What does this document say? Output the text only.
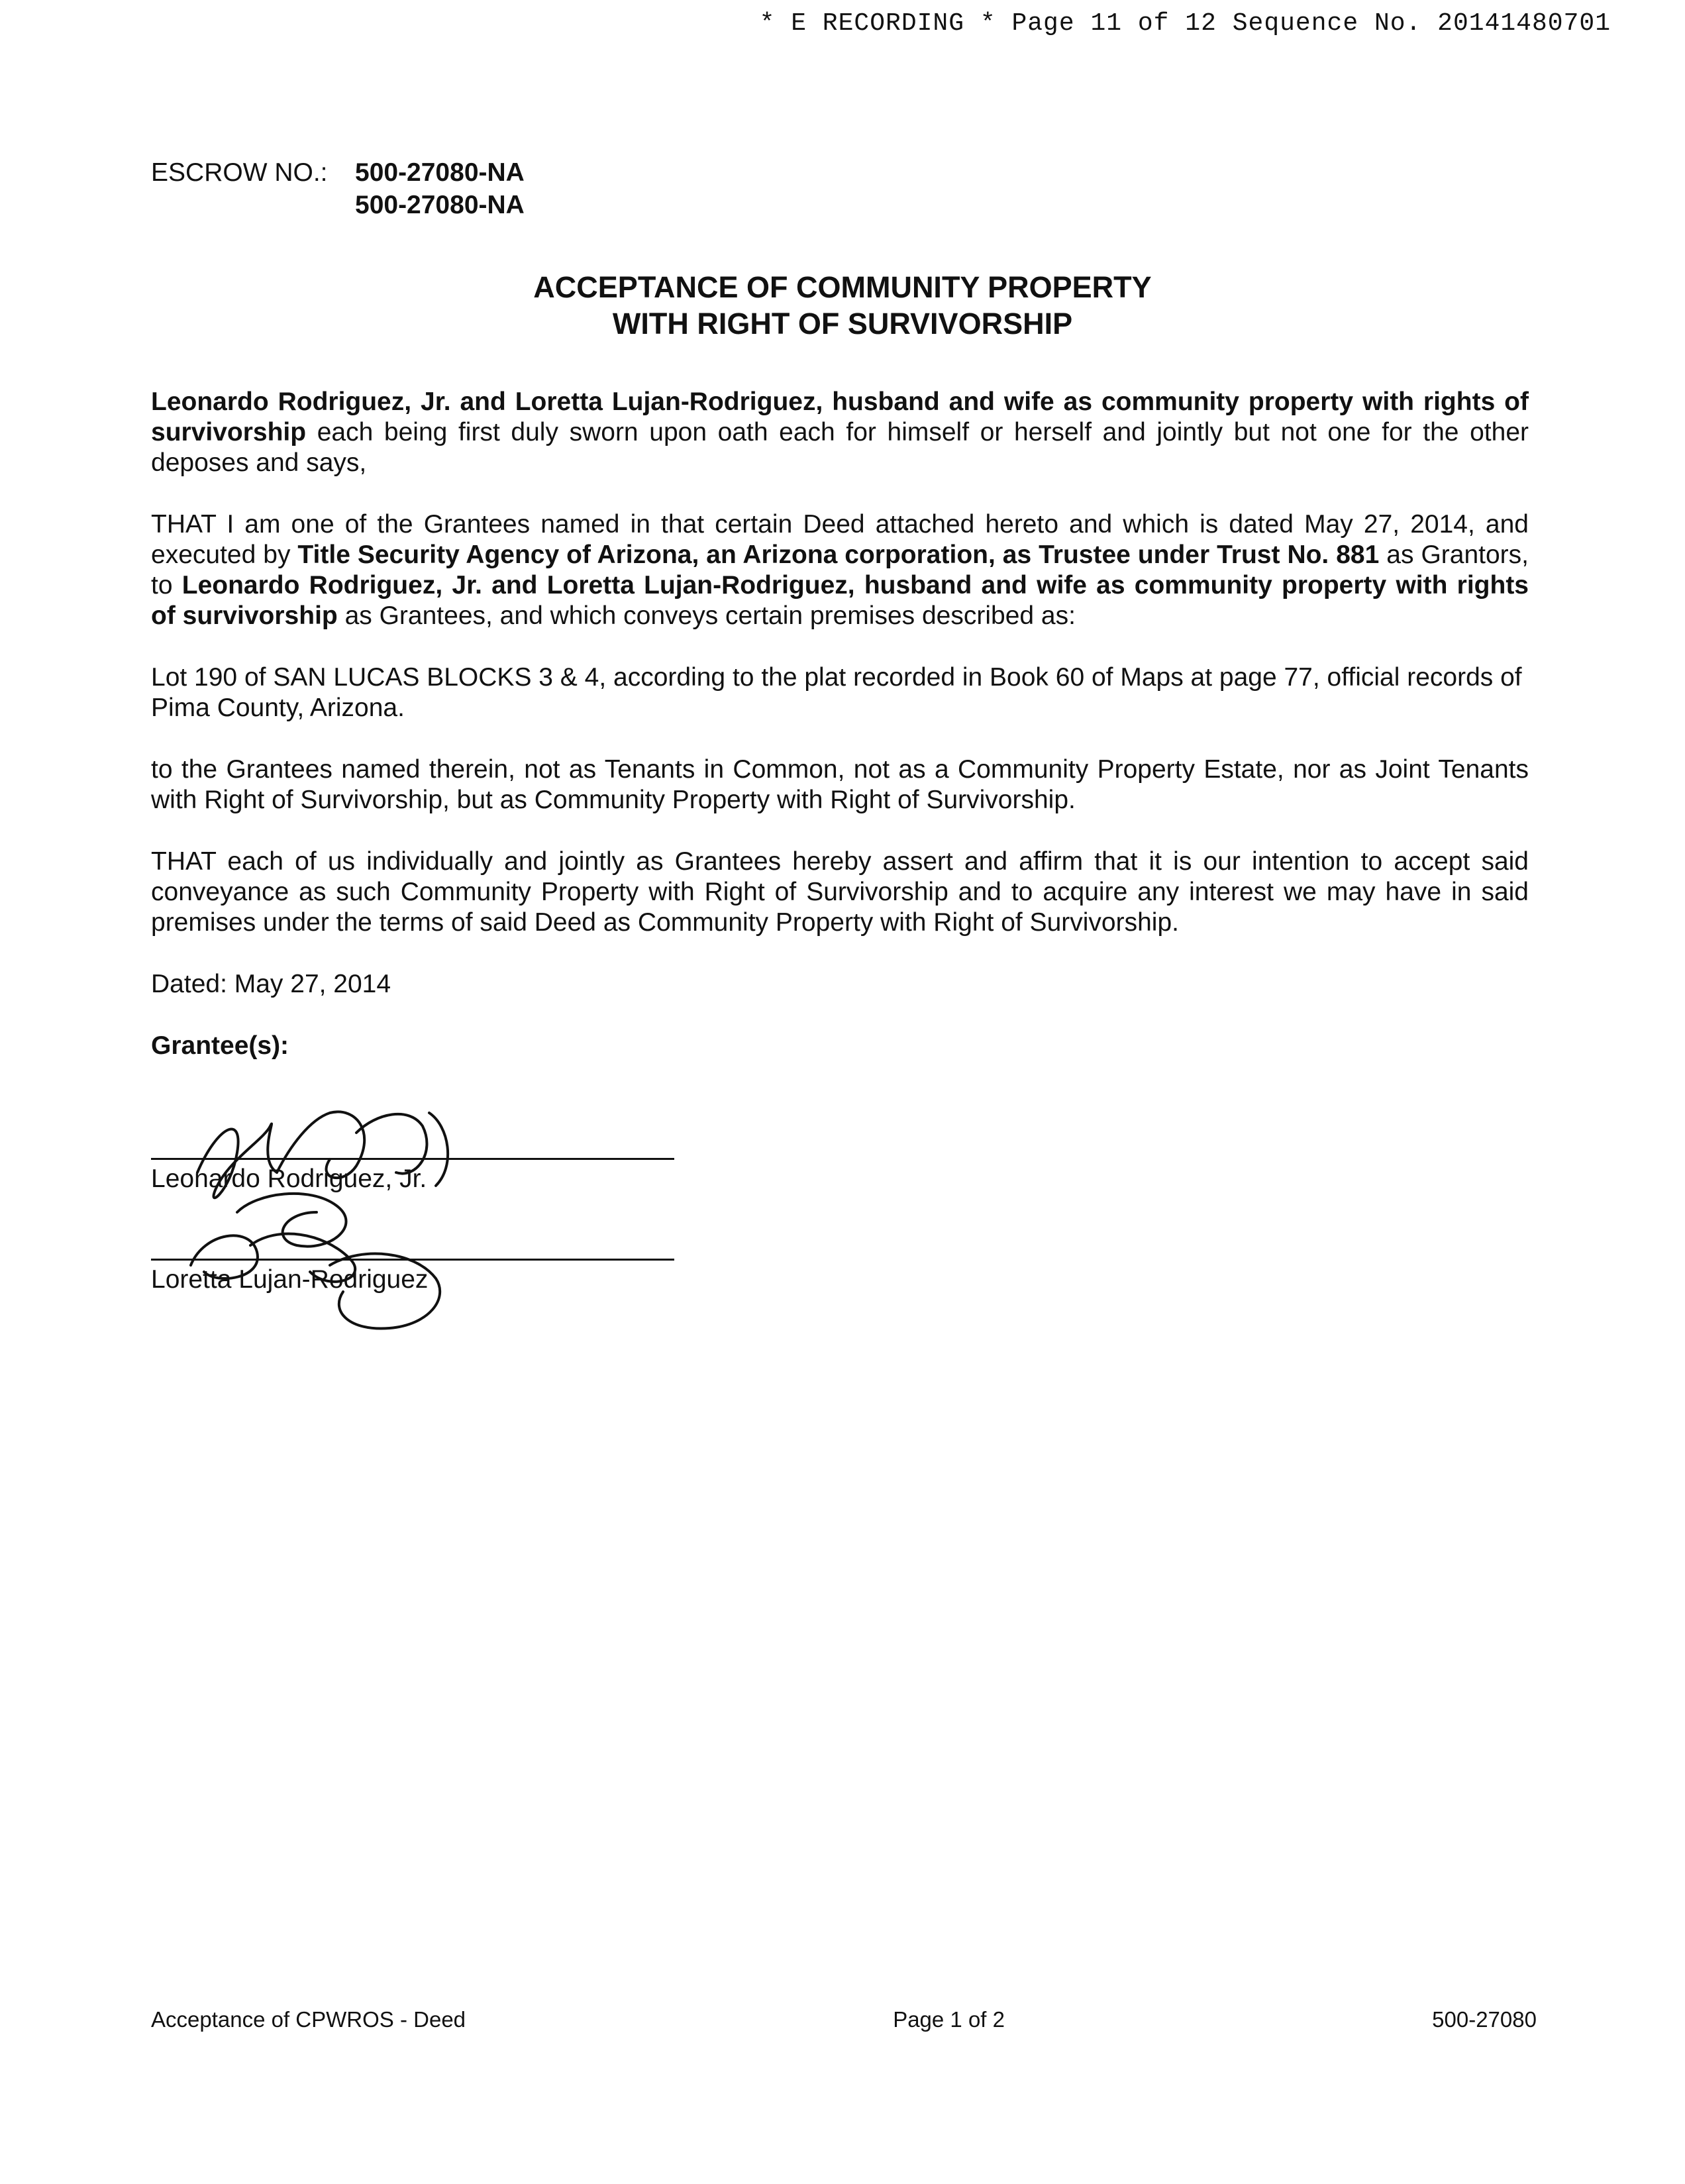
* E RECORDING * Page 11 of 12 Sequence No. 20141480701
ESCROW NO.: 500-27080-NA
500-27080-NA
ACCEPTANCE OF COMMUNITY PROPERTY
WITH RIGHT OF SURVIVORSHIP

Leonardo Rodriguez, Jr. and Loretta Lujan-Rodriguez, husband and wife as community property with rights of survivorship each being first duly sworn upon oath each for himself or herself and jointly but not one for the other deposes and says,

THAT I am one of the Grantees named in that certain Deed attached hereto and which is dated May 27, 2014, and executed by Title Security Agency of Arizona, an Arizona corporation, as Trustee under Trust No. 881 as Grantors, to Leonardo Rodriguez, Jr. and Loretta Lujan-Rodriguez, husband and wife as community property with rights of survivorship as Grantees, and which conveys certain premises described as:

Lot 190 of SAN LUCAS BLOCKS 3 & 4, according to the plat recorded in Book 60 of Maps at page 77, official records of Pima County, Arizona.

to the Grantees named therein, not as Tenants in Common, not as a Community Property Estate, nor as Joint Tenants with Right of Survivorship, but as Community Property with Right of Survivorship.

THAT each of us individually and jointly as Grantees hereby assert and affirm that it is our intention to accept said conveyance as such Community Property with Right of Survivorship and to acquire any interest we may have in said premises under the terms of said Deed as Community Property with Right of Survivorship.

Dated: May 27, 2014

Grantee(s):

Leonardo Rodriguez, Jr.
Loretta Lujan-Rodriguez
Acceptance of CPWROS - Deed	Page 1 of 2	500-27080
